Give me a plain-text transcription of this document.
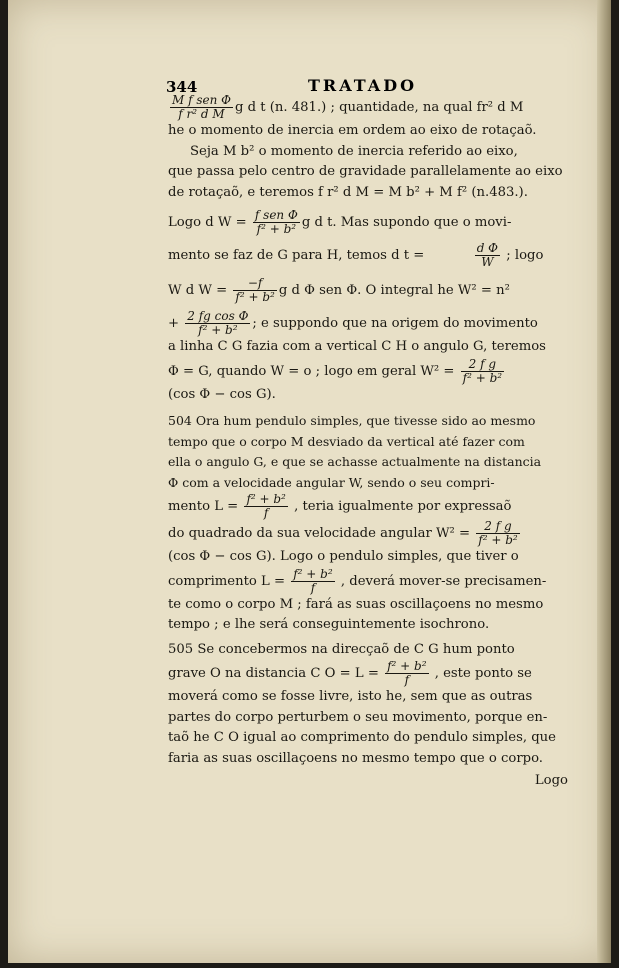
344	TRATADO
$\frac{\text{M f sen Φ}}{\text{f r² d M}}$ g d t (n. 481.) ; quantidade, na qual fr² d M
he o momento de inercia em ordem ao eixo de rotaçaõ.
Seja M b² o momento de inercia referido ao eixo,
que passa pelo centro de gravidade parallelamente ao eixo
de rotaçaõ, e teremos f r² d M = M b² + M f² (n.483.).
Logo d $W = \frac{\text{f sen Φ}}{\text{f² + b²}}$ g d t. Mas supondo que o movi-
mento se faz de G para H, temos d t =	$\frac{\text{d Φ}}{W}$ ; logo
W d $W = \frac{-f}{\text{f² + b²}}$ g d Φ sen Φ. O integral he W² = n²
+ $\frac{\text{2 fg cos Φ}}{\text{f² + b²}}$ ; e suppondo que na origem do movimento
a linha C G fazia com a vertical C H o angulo G, teremos
Φ = G, quando W = o ; logo em geral $W^2 = \frac{\text{2 f g}}{\text{f² + b²}}$
(cos Φ − cos G).
504 Ora hum pendulo simples, que tivesse sido ao mesmo
tempo que o corpo M desviado da vertical até fazer com
ella o angulo G, e que se achasse actualmente na distancia
Φ com a velocidade angular W, sendo o seu compri-
mento $L = \frac{\text{f² + b²}}{f}$ , teria igualmente por expressaõ
do quadrado da sua velocidade angular $W^2 = \frac{\text{2 f g}}{\text{f² + b²}}$
(cos Φ − cos G). Logo o pendulo simples, que tiver o
comprimento $L = \frac{\text{f² + b²}}{f}$ , deverá mover-se precisamen-
te como o corpo M ; fará as suas oscillaçoens no mesmo
tempo ; e lhe será conseguintemente isochrono.
505 Se concebermos na direcçaõ de C G hum ponto
grave O na distancia C $O = L = \frac{\text{f² + b²}}{f}$ , este ponto se
moverá como se fosse livre, isto he, sem que as outras
partes do corpo perturbem o seu movimento, porque en-
taõ he C O igual ao comprimento do pendulo simples, que
faria as suas oscillaçoens no mesmo tempo que o corpo.
Logo
